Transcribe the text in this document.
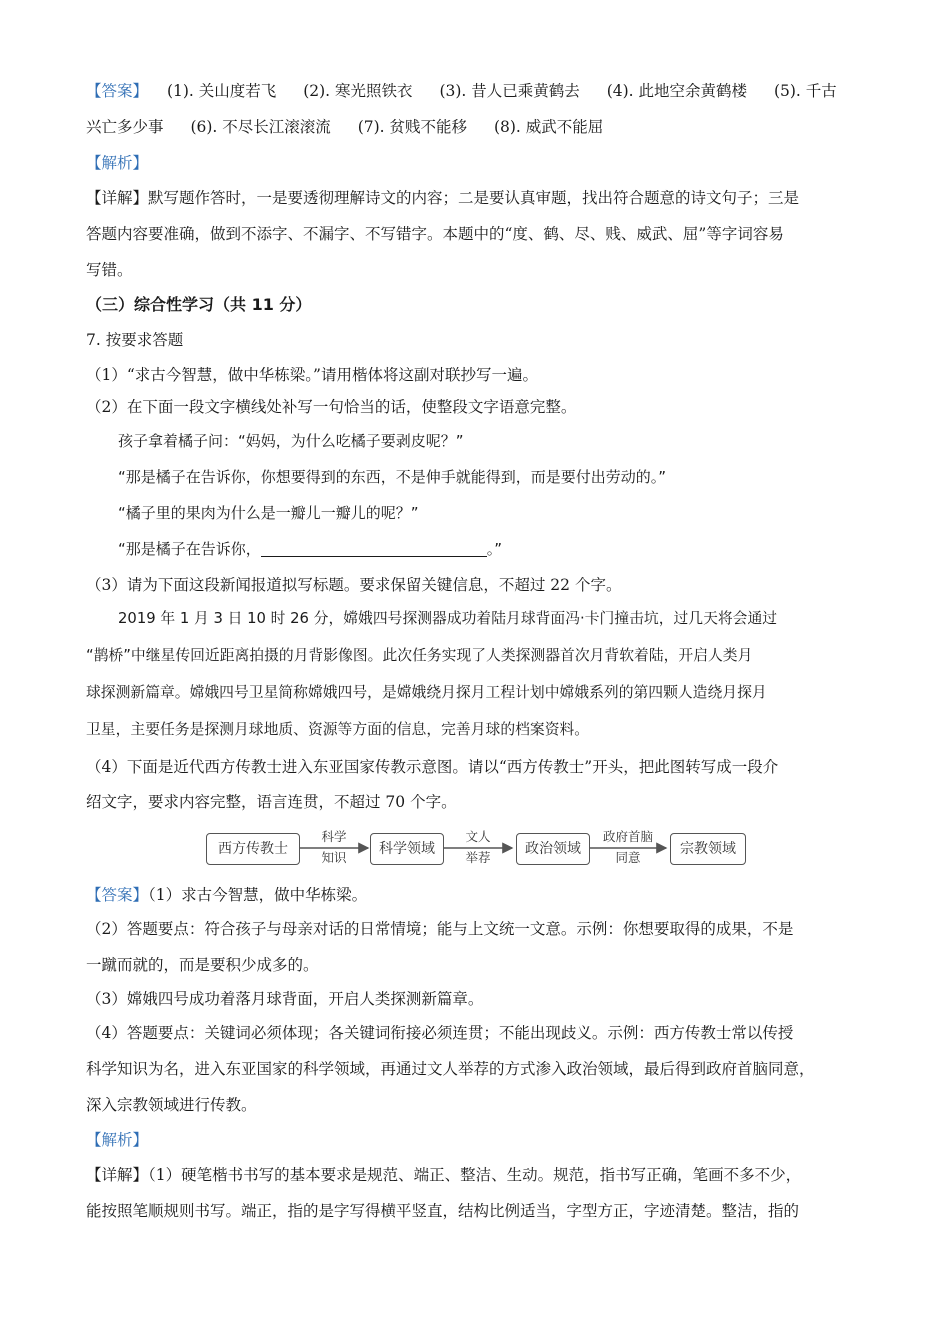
【答案】 (1). 关山度若飞 (2). 寒光照铁衣 (3). 昔人已乘黄鹤去 (4). 此地空余黄鹤楼 (5). 千古
兴亡多少事 (6). 不尽长江滚滚流 (7). 贫贱不能移 (8). 威武不能屈
【解析】
【详解】默写题作答时，一是要透彻理解诗文的内容；二是要认真审题，找出符合题意的诗文句子；三是
答题内容要准确，做到不添字、不漏字、不写错字。本题中的“度、鹤、尽、贱、威武、屈”等字词容易
写错。
（三）综合性学习（共 11 分）
7. 按要求答题
（1）“求古今智慧，做中华栋梁。”请用楷体将这副对联抄写一遍。
（2）在下面一段文字横线处补写一句恰当的话，使整段文字语意完整。
孩子拿着橘子问：“妈妈，为什么吃橘子要剥皮呢？”
“那是橘子在告诉你，你想要得到的东西，不是伸手就能得到，而是要付出劳动的。”
“橘子里的果肉为什么是一瓣儿一瓣儿的呢？”
“那是橘子在告诉你，	。”
（3）请为下面这段新闻报道拟写标题。要求保留关键信息，不超过 22 个字。
2019 年 1 月 3 日 10 时 26 分，嫦娥四号探测器成功着陆月球背面冯·卡门撞击坑，过几天将会通过
“鹊桥”中继星传回近距离拍摄的月背影像图。此次任务实现了人类探测器首次月背软着陆，开启人类月
球探测新篇章。嫦娥四号卫星简称嫦娥四号，是嫦娥绕月探月工程计划中嫦娥系列的第四颗人造绕月探月
卫星，主要任务是探测月球地质、资源等方面的信息，完善月球的档案资料。
（4）下面是近代西方传教士进入东亚国家传教示意图。请以“西方传教士”开头，把此图转写成一段介
绍文字，要求内容完整，语言连贯，不超过 70 个字。
西方传教士	科学领域	政治领域	宗教领域
科学
知识
文人
举荐
政府首脑
同意
【答案】（1）求古今智慧，做中华栋梁。
（2）答题要点：符合孩子与母亲对话的日常情境；能与上文统一文意。示例：你想要取得的成果，不是
一蹴而就的，而是要积少成多的。
（3）嫦娥四号成功着落月球背面，开启人类探测新篇章。
（4）答题要点：关键词必须体现；各关键词衔接必须连贯；不能出现歧义。示例：西方传教士常以传授
科学知识为名，进入东亚国家的科学领域，再通过文人举荐的方式渗入政治领域，最后得到政府首脑同意，
深入宗教领域进行传教。
【解析】
【详解】（1）硬笔楷书书写的基本要求是规范、端正、整洁、生动。规范，指书写正确，笔画不多不少，
能按照笔顺规则书写。端正，指的是字写得横平竖直，结构比例适当，字型方正，字迹清楚。整洁，指的
